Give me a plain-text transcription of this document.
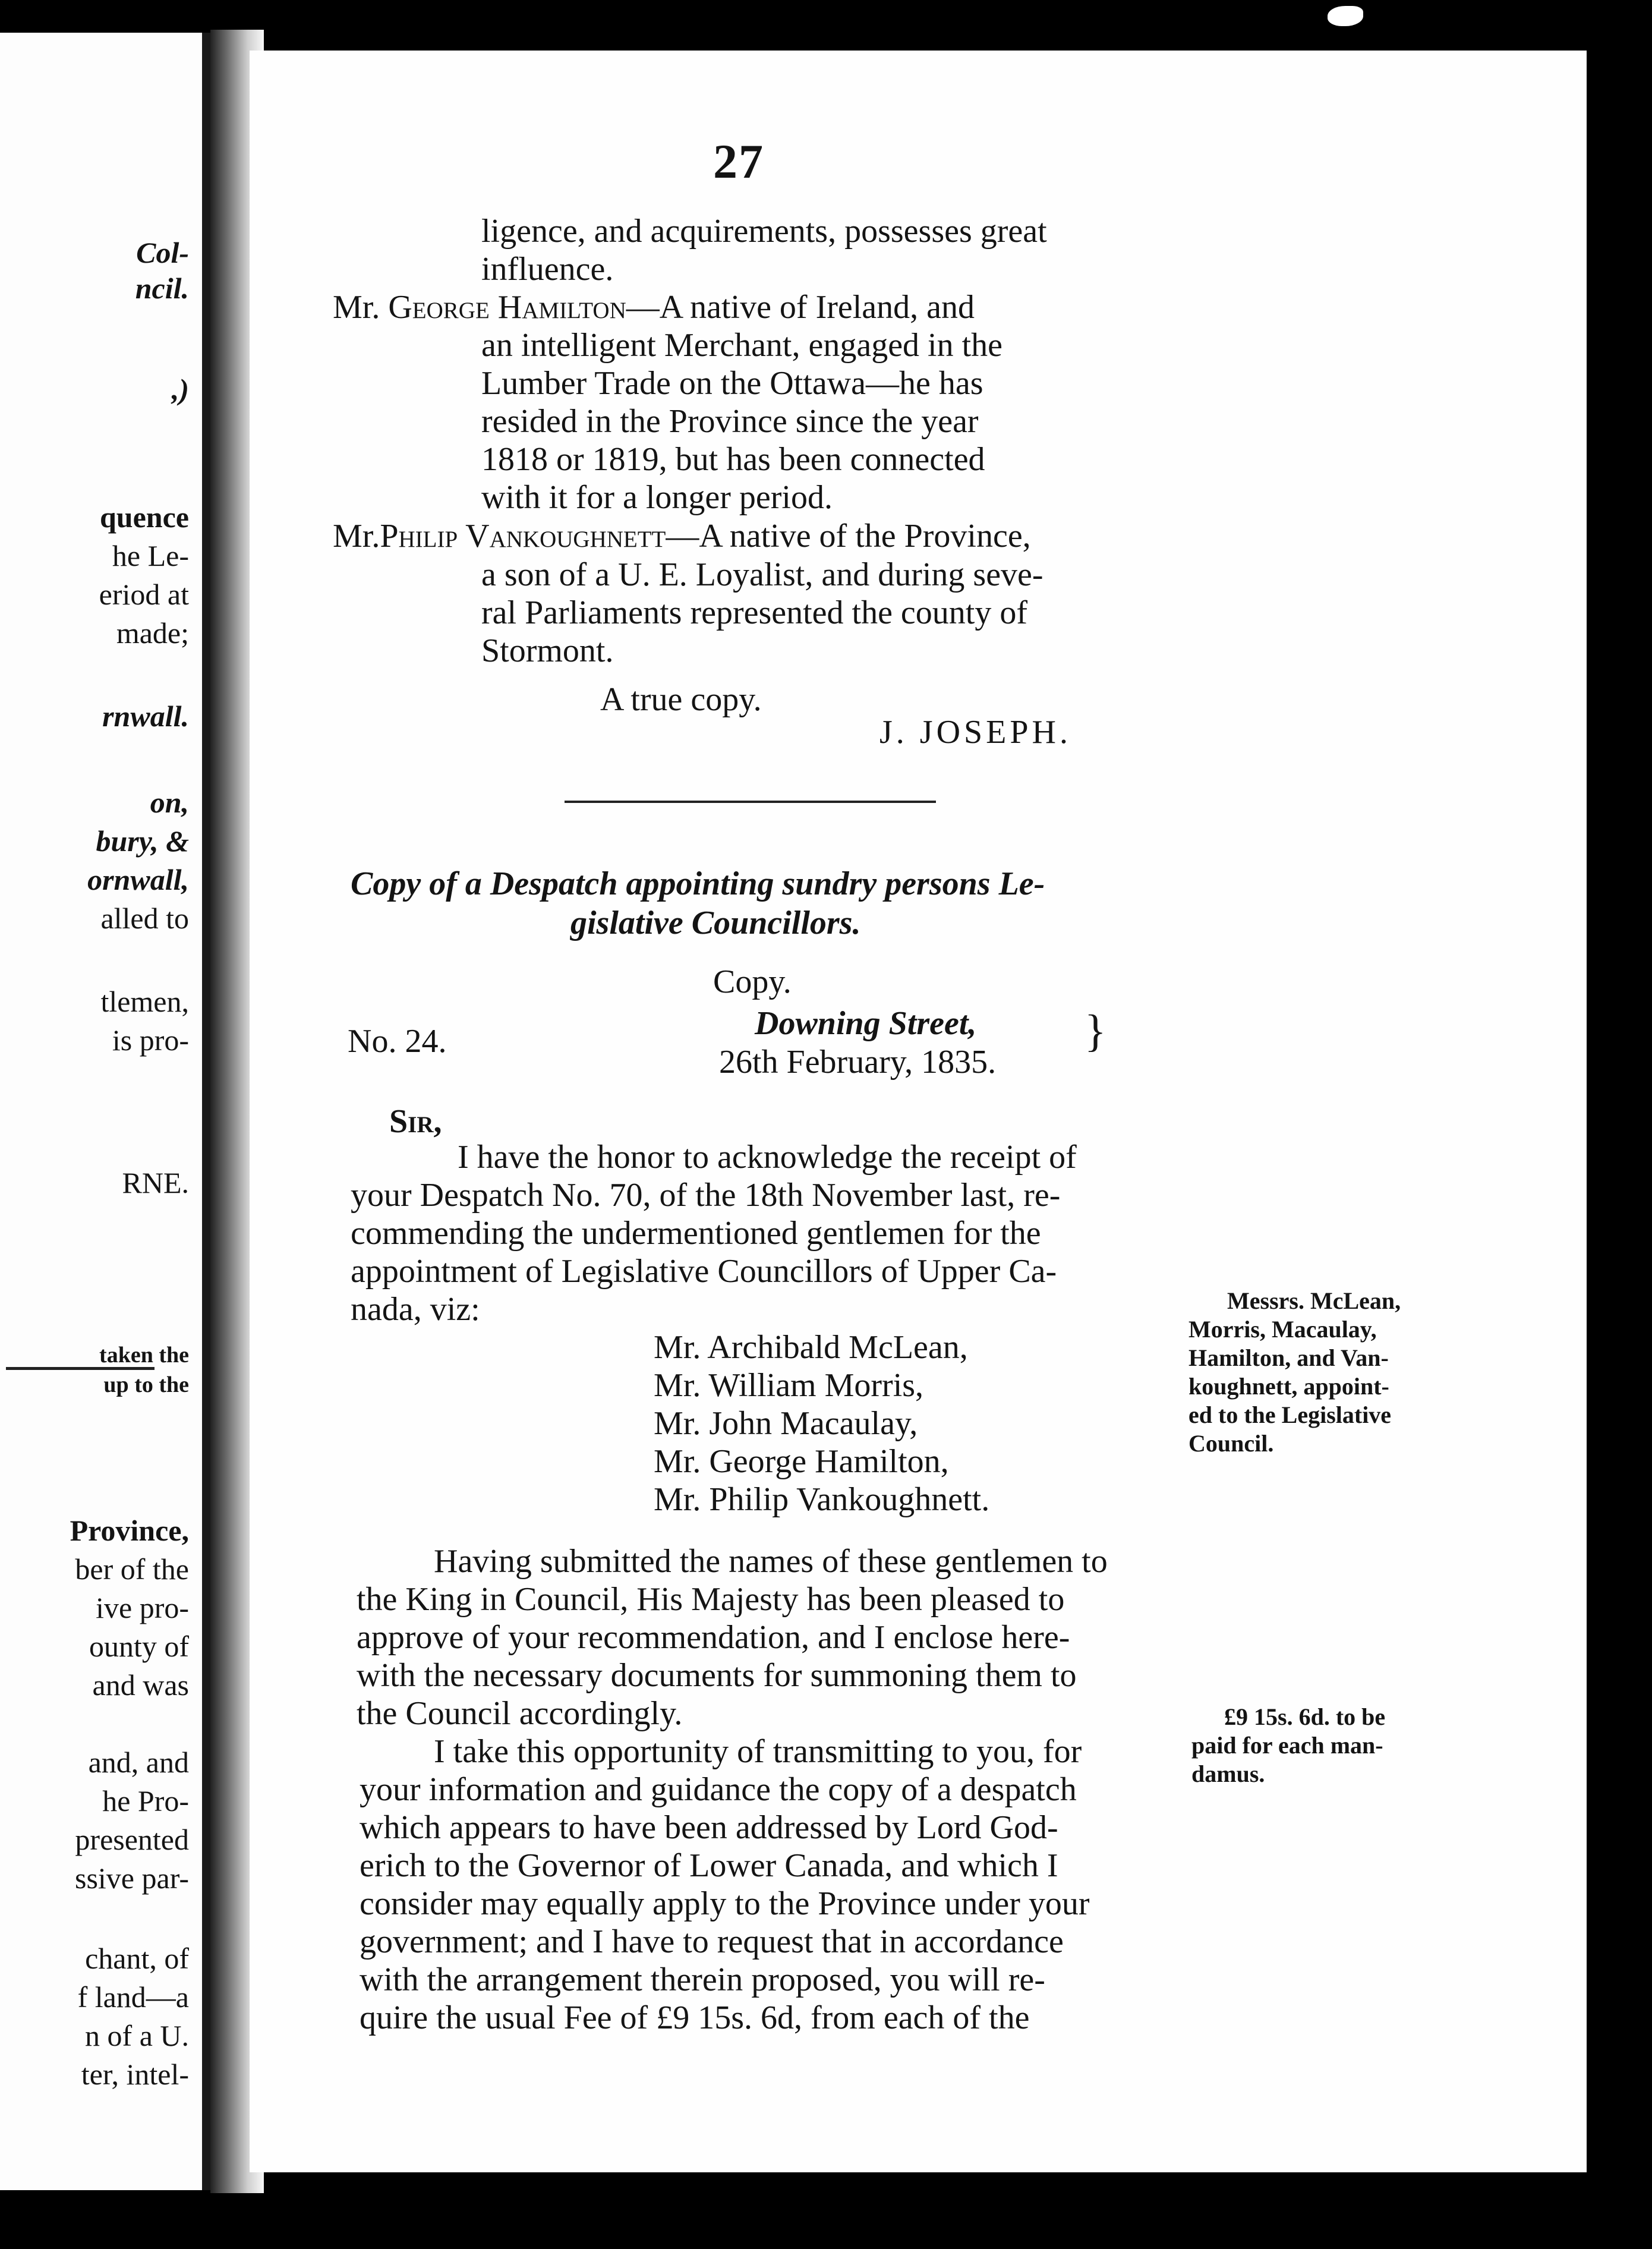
Col-
ncil.
,)
quence
he Le-
eriod at
made;
rnwall.
on,
bury, &
ornwall,
alled to
tlemen,
is pro-
RNE.
taken the
up to the
Province,
ber of the
ive pro-
ounty of
and was
and, and
he Pro-
presented
ssive par-
chant, of
f land—a
n of a U.
ter, intel-
27
ligence, and acquirements, possesses great
influence.
Mr. George Hamilton—A native of Ireland, and
an intelligent Merchant, engaged in the
Lumber Trade on the Ottawa—he has
resided in the Province since the year
1818 or 1819, but has been connected
with it for a longer period.
Mr.Philip Vankoughnett—A native of the Province,
a son of a U. E. Loyalist, and during seve-
ral Parliaments represented the county of
Stormont.
A true copy.
J. JOSEPH.
Copy of a Despatch appointing sundry persons Le-
gislative Councillors.
Copy.
No. 24.	Downing Street,
26th February, 1835.
}
Sir,
I have the honor to acknowledge the receipt of
your Despatch No. 70, of the 18th November last, re-
commending the undermentioned gentlemen for the
appointment of Legislative Councillors of Upper Ca-
nada, viz:
Mr. Archibald McLean,
Mr. William Morris,
Mr. John Macaulay,
Mr. George Hamilton,
Mr. Philip Vankoughnett.
Having submitted the names of these gentlemen to
the King in Council, His Majesty has been pleased to
approve of your recommendation, and I enclose here-
with the necessary documents for summoning them to
the Council accordingly.
I take this opportunity of transmitting to you, for
your information and guidance the copy of a despatch
which appears to have been addressed by Lord God-
erich to the Governor of Lower Canada, and which I
consider may equally apply to the Province under your
government; and I have to request that in accordance
with the arrangement therein proposed, you will re-
quire the usual Fee of £9 15s. 6d, from each of the
Messrs. McLean,
Morris, Macaulay,
Hamilton, and Van-
koughnett, appoint-
ed to the Legislative
Council.
£9 15s. 6d. to be
paid for each man-
damus.
